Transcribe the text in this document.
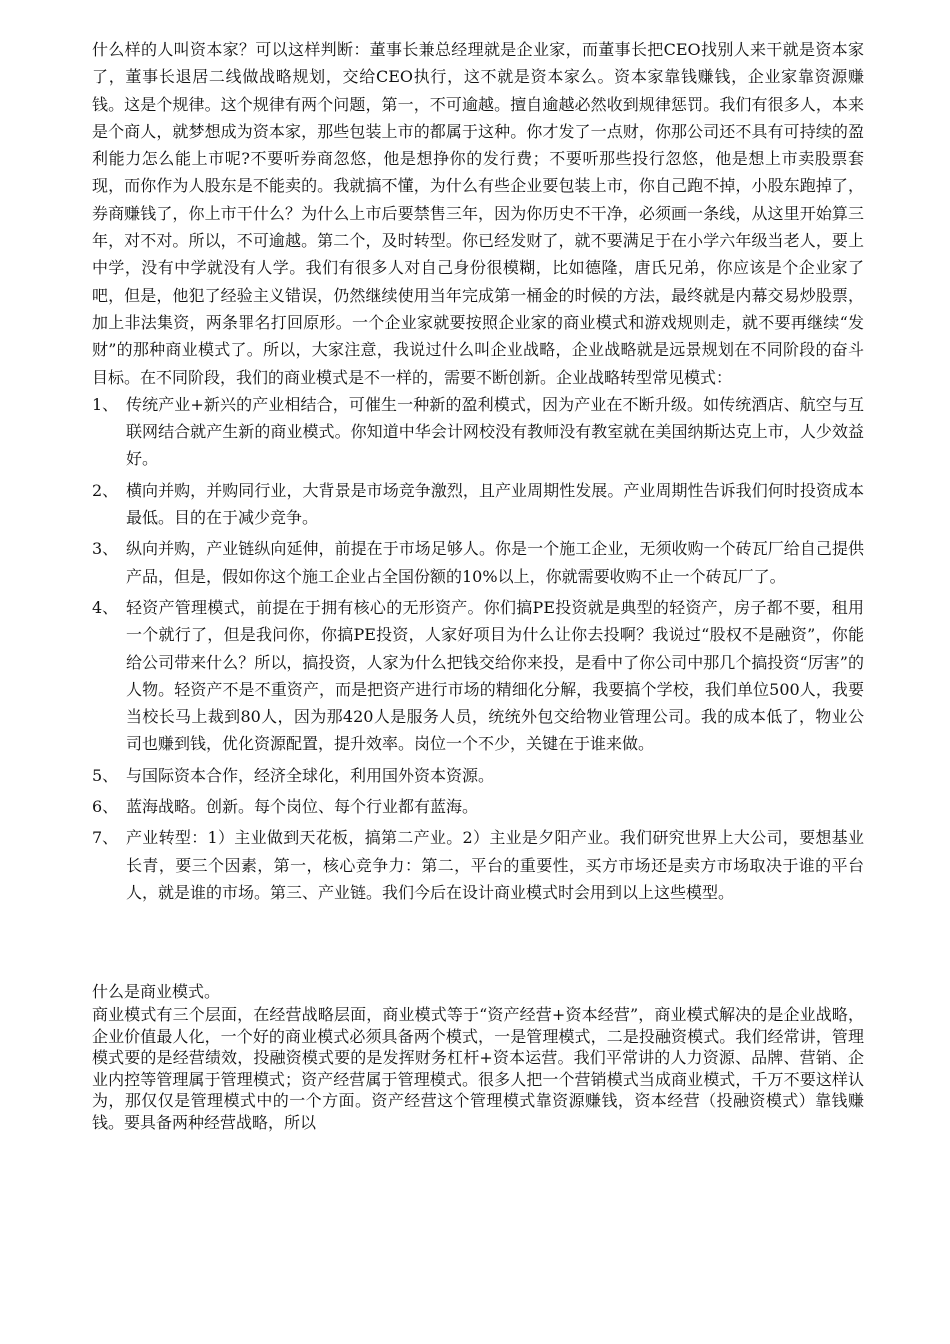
什么样的人叫资本家？可以这样判断：董事长兼总经理就是企业家，而董事长把CEO找别人来干就是资本家了，董事长退居二线做战略规划，交给CEO执行，这不就是资本家么。资本家靠钱赚钱，企业家靠资源赚钱。这是个规律。这个规律有两个问题，第一，不可逾越。擅自逾越必然收到规律惩罚。我们有很多人，本来是个商人，就梦想成为资本家，那些包装上市的都属于这种。你才发了一点财，你那公司还不具有可持续的盈利能力怎么能上市呢?不要听券商忽悠，他是想挣你的发行费；不要听那些投行忽悠，他是想上市卖股票套现，而你作为人股东是不能卖的。我就搞不懂，为什么有些企业要包装上市，你自己跑不掉，小股东跑掉了，券商赚钱了，你上市干什么？为什么上市后要禁售三年，因为你历史不干净，必须画一条线，从这里开始算三年，对不对。所以，不可逾越。第二个，及时转型。你已经发财了，就不要满足于在小学六年级当老人，要上中学，没有中学就没有人学。我们有很多人对自己身份很模糊，比如德隆，唐氏兄弟，你应该是个企业家了吧，但是，他犯了经验主义错误，仍然继续使用当年完成第一桶金的时候的方法，最终就是内幕交易炒股票，加上非法集资，两条罪名打回原形。一个企业家就要按照企业家的商业模式和游戏规则走，就不要再继续“发财”的那种商业模式了。所以，大家注意，我说过什么叫企业战略，企业战略就是远景规划在不同阶段的奋斗目标。在不同阶段，我们的商业模式是不一样的，需要不断创新。企业战略转型常见模式：

1、 传统产业+新兴的产业相结合，可催生一种新的盈利模式，因为产业在不断升级。如传统酒店、航空与互联网结合就产生新的商业模式。你知道中华会计网校没有教师没有教室就在美国纳斯达克上市，人少效益好。
2、 横向并购，并购同行业，大背景是市场竞争激烈，且产业周期性发展。产业周期性告诉我们何时投资成本最低。目的在于减少竞争。
3、 纵向并购，产业链纵向延伸，前提在于市场足够人。你是一个施工企业，无须收购一个砖瓦厂给自己提供产品，但是，假如你这个施工企业占全国份额的10%以上，你就需要收购不止一个砖瓦厂了。
4、 轻资产管理模式，前提在于拥有核心的无形资产。你们搞PE投资就是典型的轻资产，房子都不要，租用一个就行了，但是我问你，你搞PE投资，人家好项目为什么让你去投啊？我说过“股权不是融资”，你能给公司带来什么？所以，搞投资，人家为什么把钱交给你来投，是看中了你公司中那几个搞投资“厉害”的人物。轻资产不是不重资产，而是把资产进行市场的精细化分解，我要搞个学校，我们单位500人，我要当校长马上裁到80人，因为那420人是服务人员，统统外包交给物业管理公司。我的成本低了，物业公司也赚到钱，优化资源配置，提升效率。岗位一个不少，关键在于谁来做。
5、 与国际资本合作，经济全球化，利用国外资本资源。
6、 蓝海战略。创新。每个岗位、每个行业都有蓝海。
7、 产业转型：1）主业做到天花板，搞第二产业。2）主业是夕阳产业。我们研究世界上大公司，要想基业长青，要三个因素，第一，核心竞争力：第二，平台的重要性，买方市场还是卖方市场取决于谁的平台人，就是谁的市场。第三、产业链。我们今后在设计商业模式时会用到以上这些模型。

什么是商业模式。

商业模式有三个层面，在经营战略层面，商业模式等于“资产经营+资本经营”，商业模式解决的是企业战略，企业价值最人化，一个好的商业模式必须具备两个模式，一是管理模式，二是投融资模式。我们经常讲，管理模式要的是经营绩效，投融资模式要的是发挥财务杠杆+资本运营。我们平常讲的人力资源、品牌、营销、企业内控等管理属于管理模式；资产经营属于管理模式。很多人把一个营销模式当成商业模式，千万不要这样认为，那仅仅是管理模式中的一个方面。资产经营这个管理模式靠资源赚钱，资本经营（投融资模式）靠钱赚钱。要具备两种经营战略，所以
